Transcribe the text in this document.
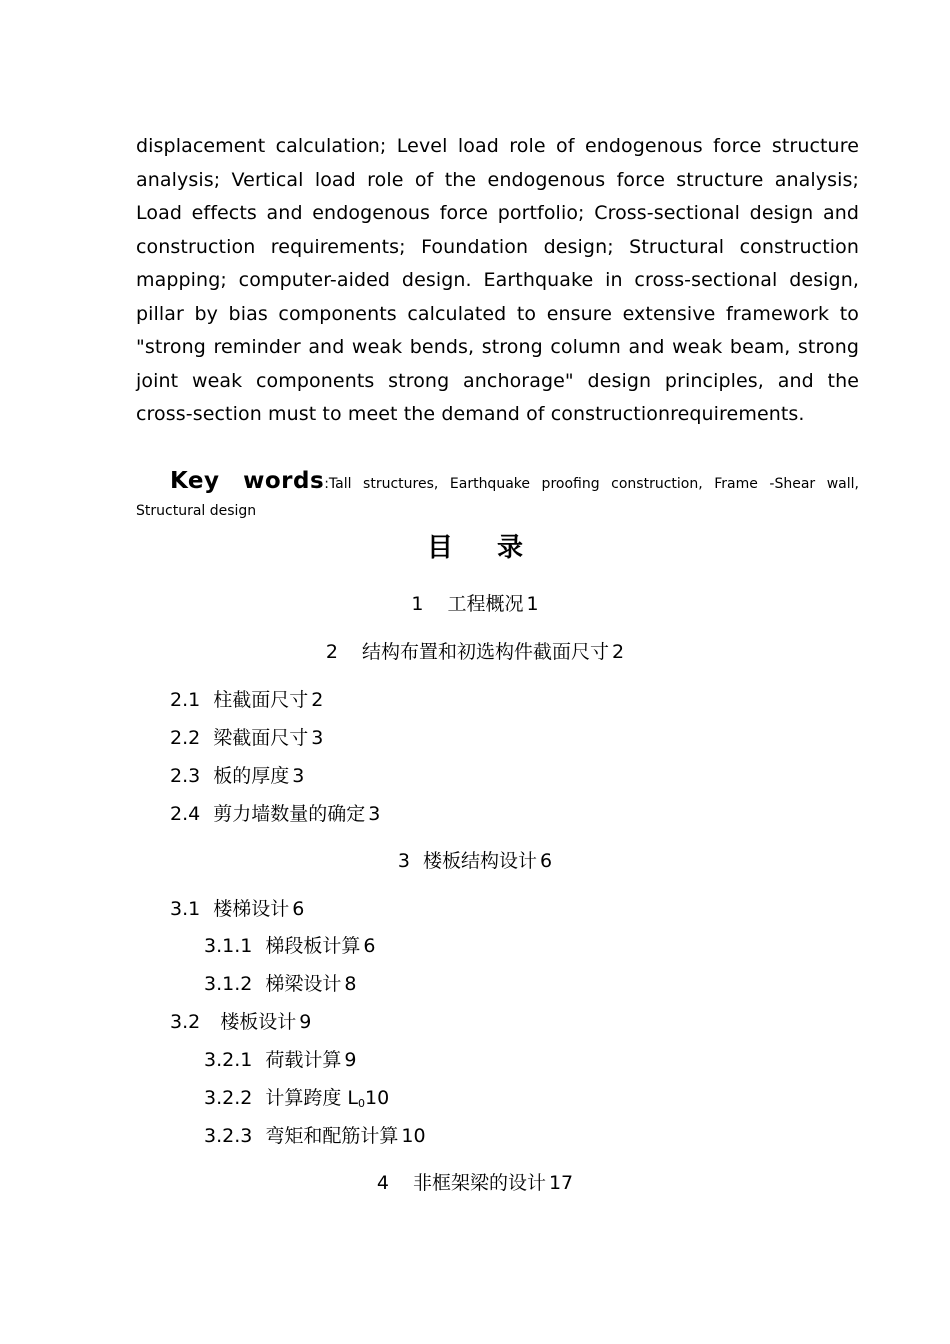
displacement calculation; Level load role of endogenous force structure analysis; Vertical load role of the endogenous force structure analysis; Load effects and endogenous force portfolio; Cross-sectional design and construction requirements; Foundation design; Structural construction mapping; computer-aided design. Earthquake in cross-sectional design, pillar by bias components calculated to ensure extensive framework to "strong reminder and weak bends, strong column and weak beam, strong joint weak components strong anchorage" design principles, and the cross-section must to meet the demand of constructionrequirements.

Key words:Tall structures, Earthquake proofing construction, Frame -Shear wall, Structural design

目 录
1 工程概况 1
2 结构布置和初选构件截面尺寸 2
2.1 柱截面尺寸 2
2.2 梁截面尺寸 3
2.3 板的厚度 3
2.4 剪力墙数量的确定 3
3 楼板结构设计 6
3.1 楼梯设计 6
3.1.1 梯段板计算 6
3.1.2 梯梁设计 8
3.2 楼板设计 9
3.2.1 荷载计算 9
3.2.2 计算跨度 $L_010$
3.2.3 弯矩和配筋计算 10
4 非框架梁的设计 17
